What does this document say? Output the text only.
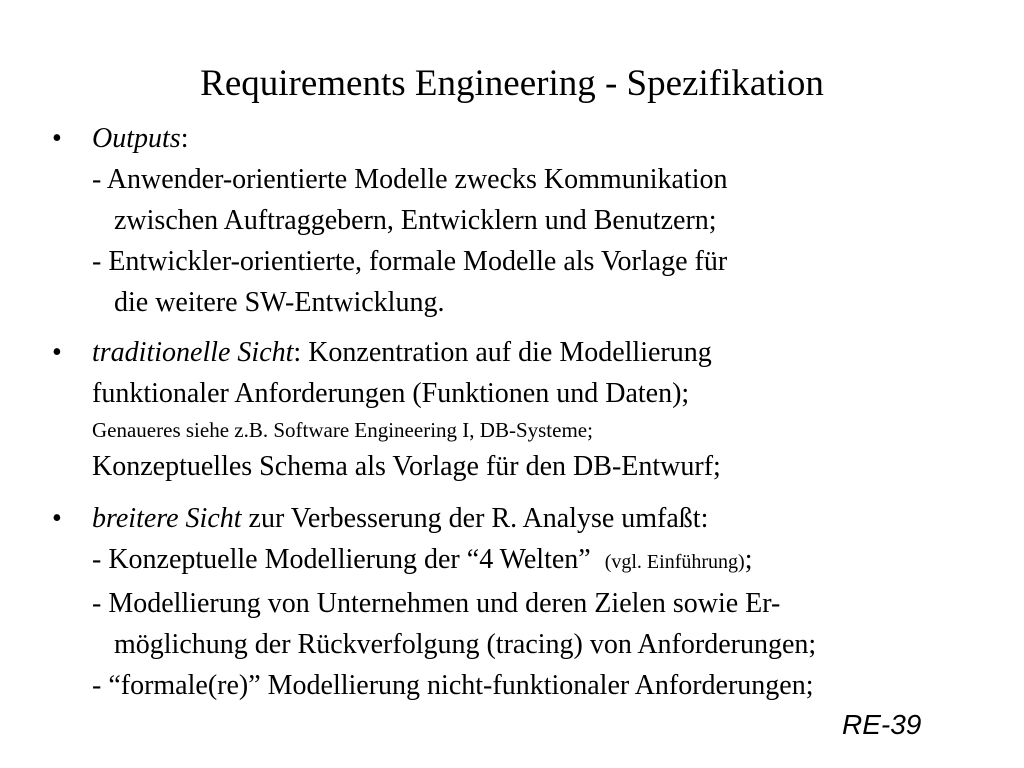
Requirements Engineering - Spezifikation
• Outputs:
- Anwender-orientierte Modelle zwecks Kommunikation
zwischen Auftraggebern, Entwicklern und Benutzern;
- Entwickler-orientierte, formale Modelle als Vorlage für
die weitere SW-Entwicklung.
• traditionelle Sicht: Konzentration auf die Modellierung
funktionaler Anforderungen (Funktionen und Daten);
Genaueres siehe z.B. Software Engineering I, DB-Systeme;
Konzeptuelles Schema als Vorlage für den DB-Entwurf;
• breitere Sicht zur Verbesserung der R. Analyse umfaßt:
- Konzeptuelle Modellierung der “4 Welten” (vgl. Einführung);
- Modellierung von Unternehmen und deren Zielen sowie Er-
möglichung der Rückverfolgung (tracing) von Anforderungen;
- “formale(re)” Modellierung nicht-funktionaler Anforderungen;
RE-39
